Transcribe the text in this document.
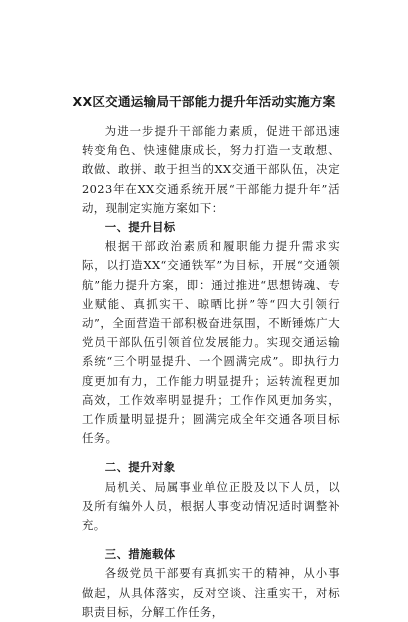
XX区交通运输局干部能力提升年活动实施方案

为进一步提升干部能力素质，促进干部迅速转变角色、快速健康成长，努力打造一支敢想、敢做、敢拼、敢于担当的XX交通干部队伍，决定2023年在XX交通系统开展“干部能力提升年”活动，现制定实施方案如下：

一、提升目标

根据干部政治素质和履职能力提升需求实际，以打造XX“交通铁军”为目标，开展“交通领航”能力提升方案，即：通过推进“思想铸魂、专业赋能、真抓实干、晾晒比拼”等“四大引领行动”，全面营造干部积极奋进氛围，不断锤炼广大党员干部队伍引领首位发展能力。实现交通运输系统“三个明显提升、一个圆满完成”。即执行力度更加有力，工作能力明显提升；运转流程更加高效，工作效率明显提升；工作作风更加务实，工作质量明显提升；圆满完成全年交通各项目标任务。

二、提升对象

局机关、局属事业单位正股及以下人员，以及所有编外人员，根据人事变动情况适时调整补充。

三、措施载体

各级党员干部要有真抓实干的精神，从小事做起，从具体落实，反对空谈、注重实干，对标职责目标，分解工作任务，
